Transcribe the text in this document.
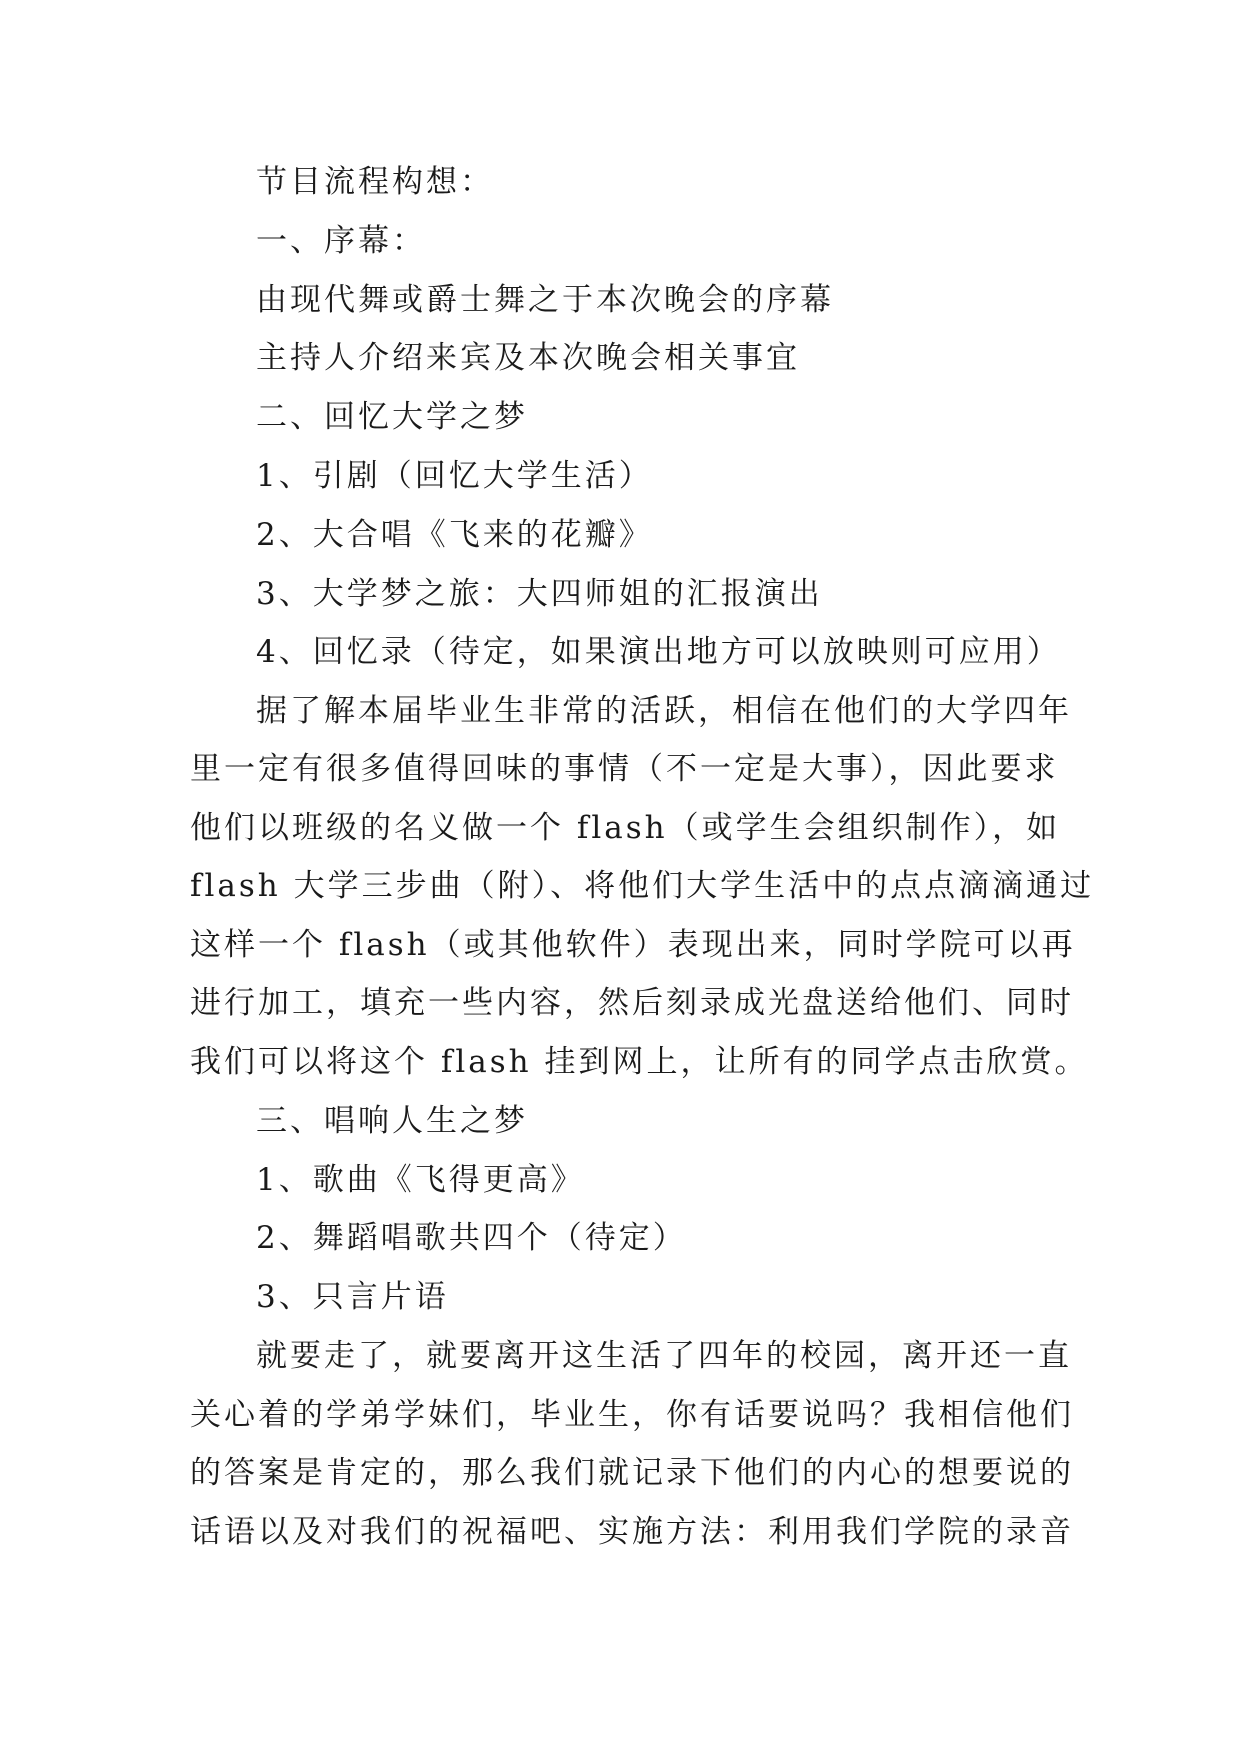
节目流程构想：
一、序幕：
由现代舞或爵士舞之于本次晚会的序幕
主持人介绍来宾及本次晚会相关事宜
二、回忆大学之梦
1、引剧（回忆大学生活）
2、大合唱《飞来的花瓣》
3、大学梦之旅：大四师姐的汇报演出
4、回忆录（待定，如果演出地方可以放映则可应用）
据了解本届毕业生非常的活跃，相信在他们的大学四年
里一定有很多值得回味的事情（不一定是大事），因此要求
他们以班级的名义做一个 flash（或学生会组织制作），如
flash 大学三步曲（附）、将他们大学生活中的点点滴滴通过
这样一个 flash（或其他软件）表现出来，同时学院可以再
进行加工，填充一些内容，然后刻录成光盘送给他们、同时
我们可以将这个 flash 挂到网上，让所有的同学点击欣赏。
三、唱响人生之梦
1、歌曲《飞得更高》
2、舞蹈唱歌共四个（待定）
3、只言片语
就要走了，就要离开这生活了四年的校园，离开还一直
关心着的学弟学妹们，毕业生，你有话要说吗？我相信他们
的答案是肯定的，那么我们就记录下他们的内心的想要说的
话语以及对我们的祝福吧、实施方法：利用我们学院的录音
